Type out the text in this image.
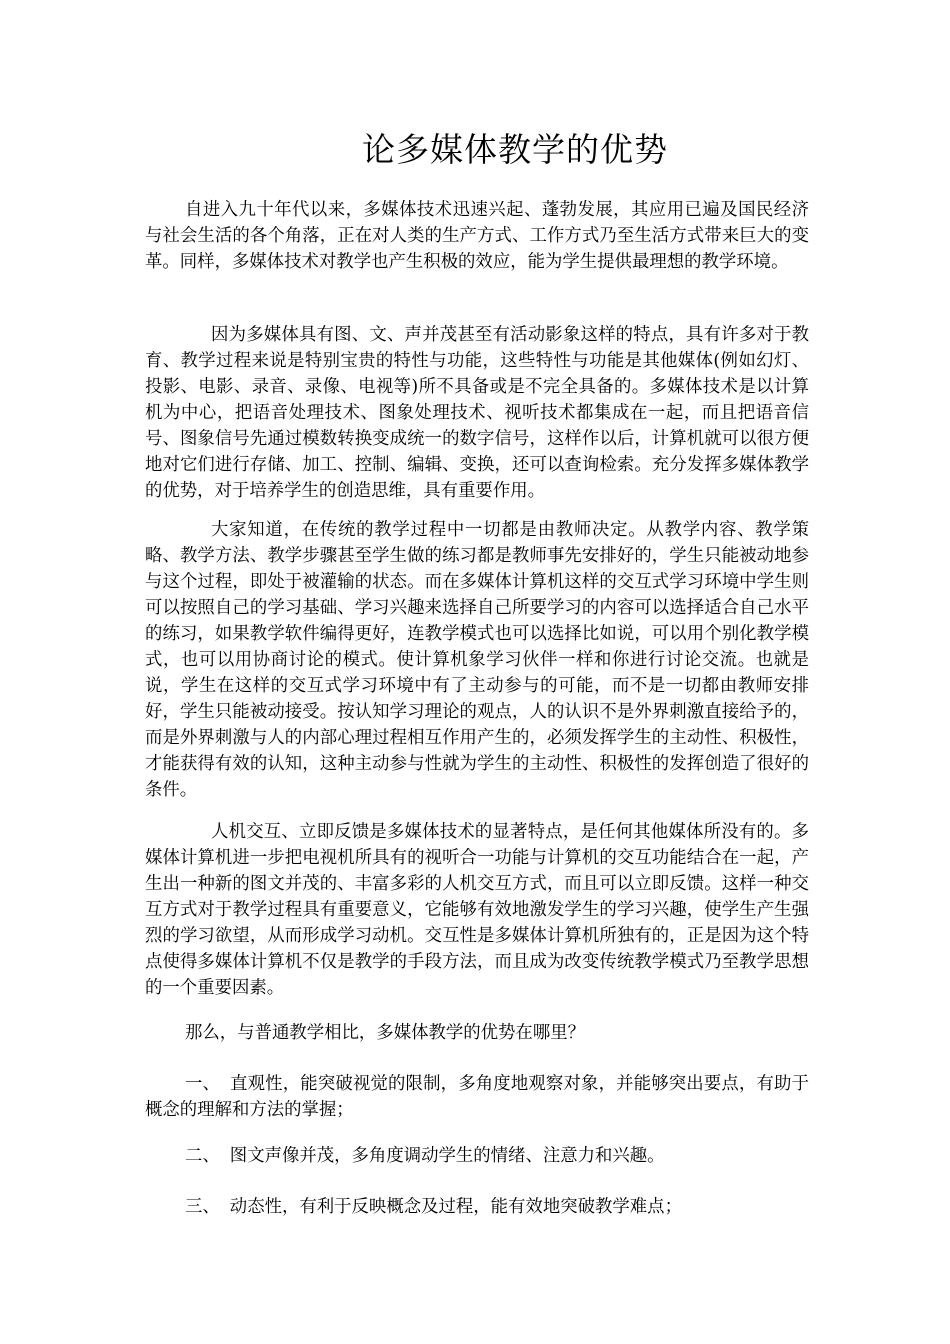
论多媒体教学的优势

自进入九十年代以来，多媒体技术迅速兴起、蓬勃发展，其应用已遍及国民经济与社会生活的各个角落，正在对人类的生产方式、工作方式乃至生活方式带来巨大的变革。同样，多媒体技术对教学也产生积极的效应，能为学生提供最理想的教学环境。

因为多媒体具有图、文、声并茂甚至有活动影象这样的特点，具有许多对于教育、教学过程来说是特别宝贵的特性与功能，这些特性与功能是其他媒体(例如幻灯、投影、电影、录音、录像、电视等)所不具备或是不完全具备的。多媒体技术是以计算机为中心，把语音处理技术、图象处理技术、视听技术都集成在一起，而且把语音信号、图象信号先通过模数转换变成统一的数字信号，这样作以后，计算机就可以很方便地对它们进行存储、加工、控制、编辑、变换，还可以查询检索。充分发挥多媒体教学的优势，对于培养学生的创造思维，具有重要作用。

大家知道，在传统的教学过程中一切都是由教师决定。从教学内容、教学策略、教学方法、教学步骤甚至学生做的练习都是教师事先安排好的，学生只能被动地参与这个过程，即处于被灌输的状态。而在多媒体计算机这样的交互式学习环境中学生则可以按照自己的学习基础、学习兴趣来选择自己所要学习的内容可以选择适合自己水平的练习，如果教学软件编得更好，连教学模式也可以选择比如说，可以用个别化教学模式，也可以用协商讨论的模式。使计算机象学习伙伴一样和你进行讨论交流。也就是说，学生在这样的交互式学习环境中有了主动参与的可能，而不是一切都由教师安排好，学生只能被动接受。按认知学习理论的观点，人的认识不是外界刺激直接给予的，而是外界刺激与人的内部心理过程相互作用产生的，必须发挥学生的主动性、积极性，才能获得有效的认知，这种主动参与性就为学生的主动性、积极性的发挥创造了很好的条件。

人机交互、立即反馈是多媒体技术的显著特点，是任何其他媒体所没有的。多媒体计算机进一步把电视机所具有的视听合一功能与计算机的交互功能结合在一起，产生出一种新的图文并茂的、丰富多彩的人机交互方式，而且可以立即反馈。这样一种交互方式对于教学过程具有重要意义，它能够有效地激发学生的学习兴趣，使学生产生强烈的学习欲望，从而形成学习动机。交互性是多媒体计算机所独有的，正是因为这个特点使得多媒体计算机不仅是教学的手段方法，而且成为改变传统教学模式乃至教学思想的一个重要因素。

那么，与普通教学相比，多媒体教学的优势在哪里？

一、 直观性，能突破视觉的限制，多角度地观察对象，并能够突出要点，有助于概念的理解和方法的掌握；

二、 图文声像并茂，多角度调动学生的情绪、注意力和兴趣。

三、 动态性，有利于反映概念及过程，能有效地突破教学难点；
